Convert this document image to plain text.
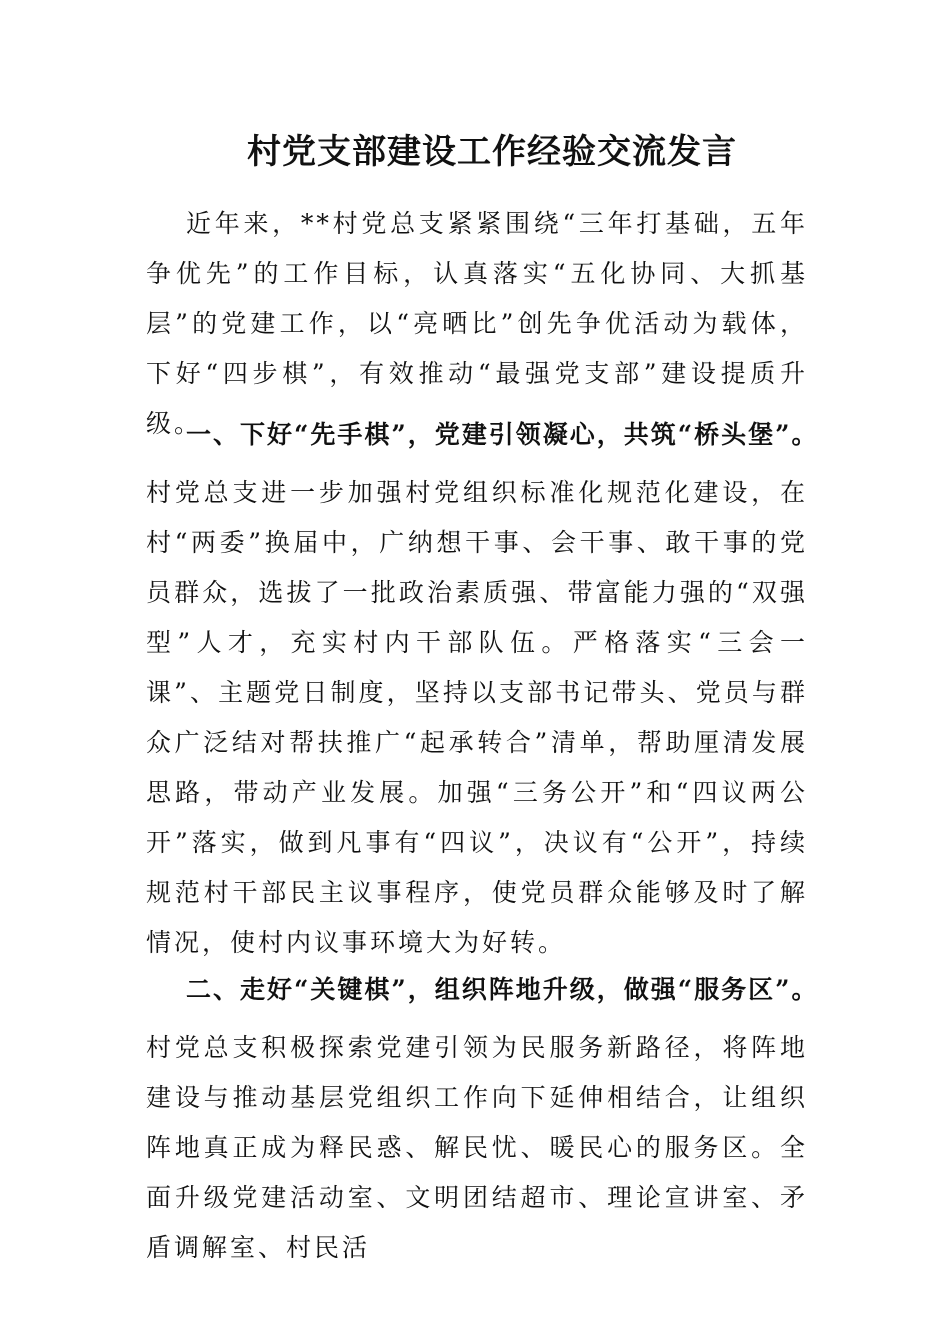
村党支部建设工作经验交流发言
近年来，**村党总支紧紧围绕“三年打基础，五年争优先”的工作目标，认真落实“五化协同、大抓基层”的党建工作，以“亮晒比”创先争优活动为载体，下好“四步棋”，有效推动“最强党支部”建设提质升级。
一、下好“先手棋”，党建引领凝心，共筑“桥头堡”。
村党总支进一步加强村党组织标准化规范化建设，在村“两委”换届中，广纳想干事、会干事、敢干事的党员群众，选拔了一批政治素质强、带富能力强的“双强型”人才，充实村内干部队伍。严格落实“三会一课”、主题党日制度，坚持以支部书记带头、党员与群众广泛结对帮扶推广“起承转合”清单，帮助厘清发展思路，带动产业发展。加强“三务公开”和“四议两公开”落实，做到凡事有“四议”，决议有“公开”，持续规范村干部民主议事程序，使党员群众能够及时了解情况，使村内议事环境大为好转。
二、走好“关键棋”，组织阵地升级，做强“服务区”。
村党总支积极探索党建引领为民服务新路径，将阵地建设与推动基层党组织工作向下延伸相结合，让组织阵地真正成为释民惑、解民忧、暖民心的服务区。全面升级党建活动室、文明团结超市、理论宣讲室、矛盾调解室、村民活
